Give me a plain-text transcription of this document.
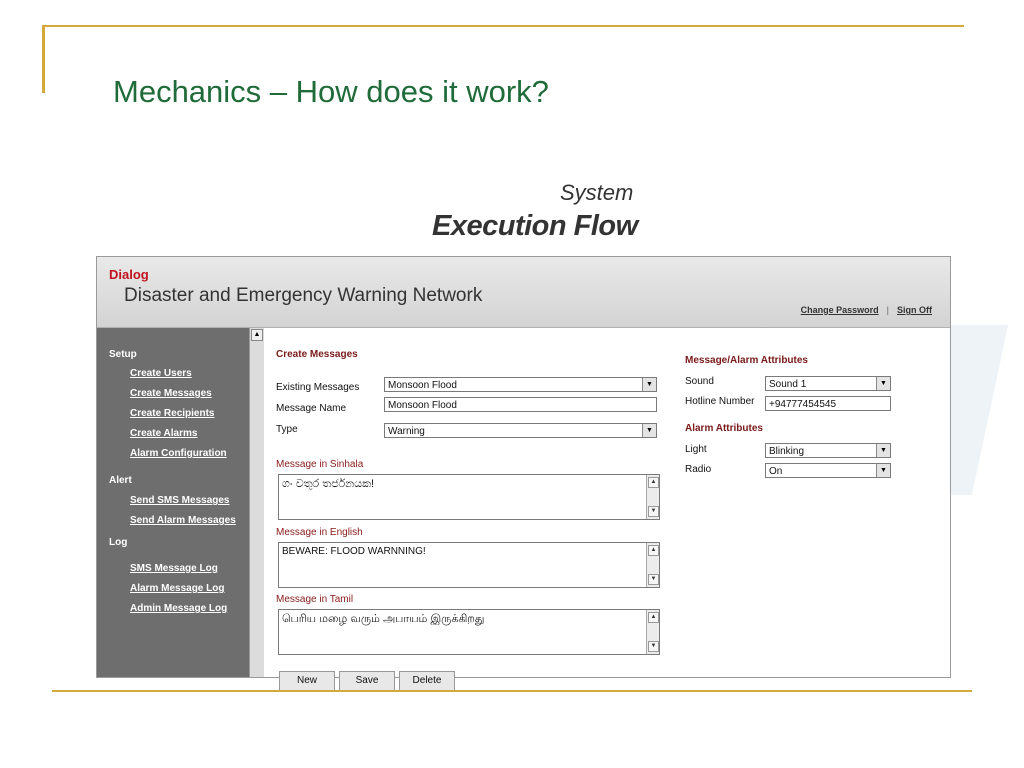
Mechanics – How does it work?
System
Execution Flow
Dialog
Disaster and Emergency Warning Network
Change Password | Sign Off
Setup
Create Users
Create Messages
Create Recipients
Create Alarms
Alarm Configuration
Alert
Send SMS Messages
Send Alarm Messages
Log
SMS Message Log
Alarm Message Log
Admin Message Log
▲
Create Messages
Existing Messages	Monsoon Flood	▼
Message Name	Monsoon Flood
Type	Warning	▼
Message in Sinhala
ගං වතුර තර්ජනයක!	▲
▼
Message in English
BEWARE: FLOOD WARNNING!	▲
▼
Message in Tamil
பெரிய மழை வரும் அபாயம் இருக்கிறது	▲
▼
New	Save	Delete
Message/Alarm Attributes
Sound	Sound 1	▼
Hotline Number	+94777454545
Alarm Attributes
Light	Blinking	▼
Radio	On	▼
